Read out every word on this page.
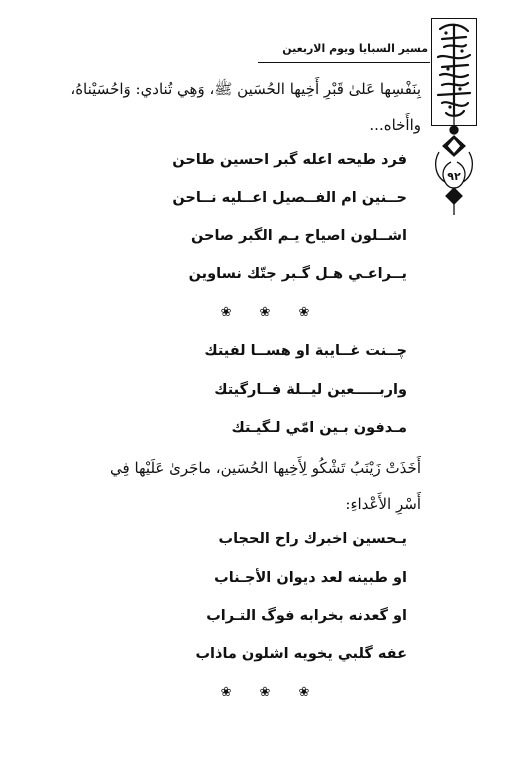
مسير السبايا ويوم الاربعين
٩٢
بِنَفْسِها عَلىٰ قَبْرِ أَخِيها الحُسَين ﷺ، وَهِي تُنادي: وَاحُسَيْناهُ،
واأَخاه...
فرد طيحه اعله گبر احسين طاحن
حــنين ام الفــصيل اعــليه نــاحن
اشــلون اصياح يـم الگبر صاحن
يــراعـي هـل گـبر جتّك نساوين
❀ ❀ ❀
چــنت غــايبة او هســا لفيتك
واربـــــعين ليــلة فــارگيتك
مـدفون بـين امّي لـگيـتك
أَخَذَتْ زَيْنَبُ تَشْكُو لِأَخِيها الحُسَين، ماجَرىٰ عَلَيْها فِي
أَسْرِ الأَعْداءِ:
يـحسين اخبرك راح الحجاب
او طبينه لعد ديوان الأجـناب
او گعدنه بخرابه فوگ التـراب
عفه گلبي يخويه اشلون ماذاب
❀ ❀ ❀
